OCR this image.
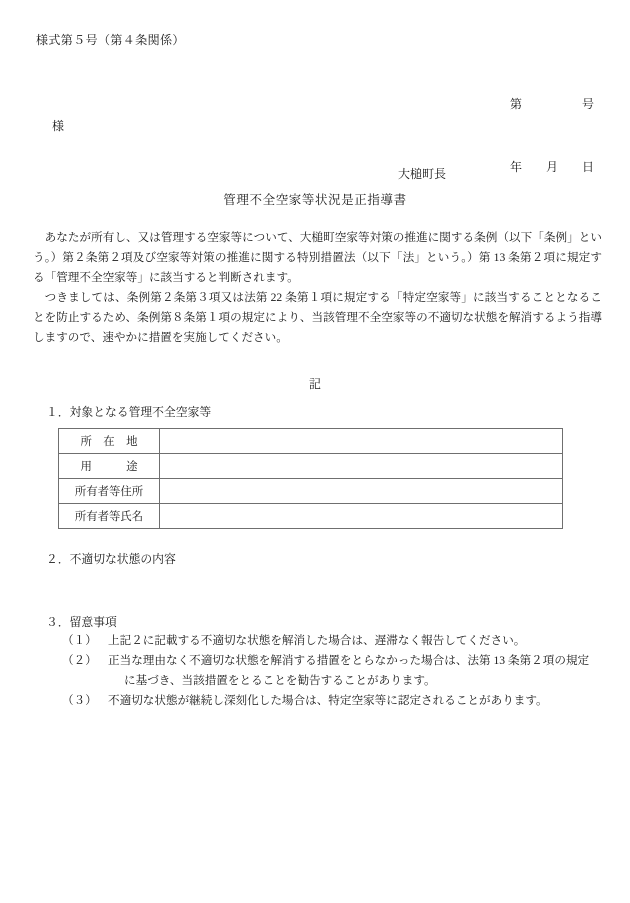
様式第５号（第４条関係）

第　　　　　号

年　　月　　日

様

大槌町長

管理不全空家等状況是正指導書

あなたが所有し、又は管理する空家等について、大槌町空家等対策の推進に関する条例（以下「条例」という。）第２条第２項及び空家等対策の推進に関する特別措置法（以下「法」という。）第 13 条第２項に規定する「管理不全空家等」に該当すると判断されます。

つきましては、条例第２条第３項又は法第 22 条第１項に規定する「特定空家等」に該当することとなることを防止するため、条例第８条第１項の規定により、当該管理不全空家等の不適切な状態を解消するよう指導しますので、速やかに措置を実施してください。

記
１．対象となる管理不全空家等
所　在　地	
用　　　途	
所有者等住所	
所有者等氏名	
２．不適切な状態の内容
３．留意事項
（１） 上記２に記載する不適切な状態を解消した場合は、遅滞なく報告してください。
（２） 正当な理由なく不適切な状態を解消する措置をとらなかった場合は、法第 13 条第２項の規定
に基づき、当該措置をとることを勧告することがあります。
（３） 不適切な状態が継続し深刻化した場合は、特定空家等に認定されることがあります。
